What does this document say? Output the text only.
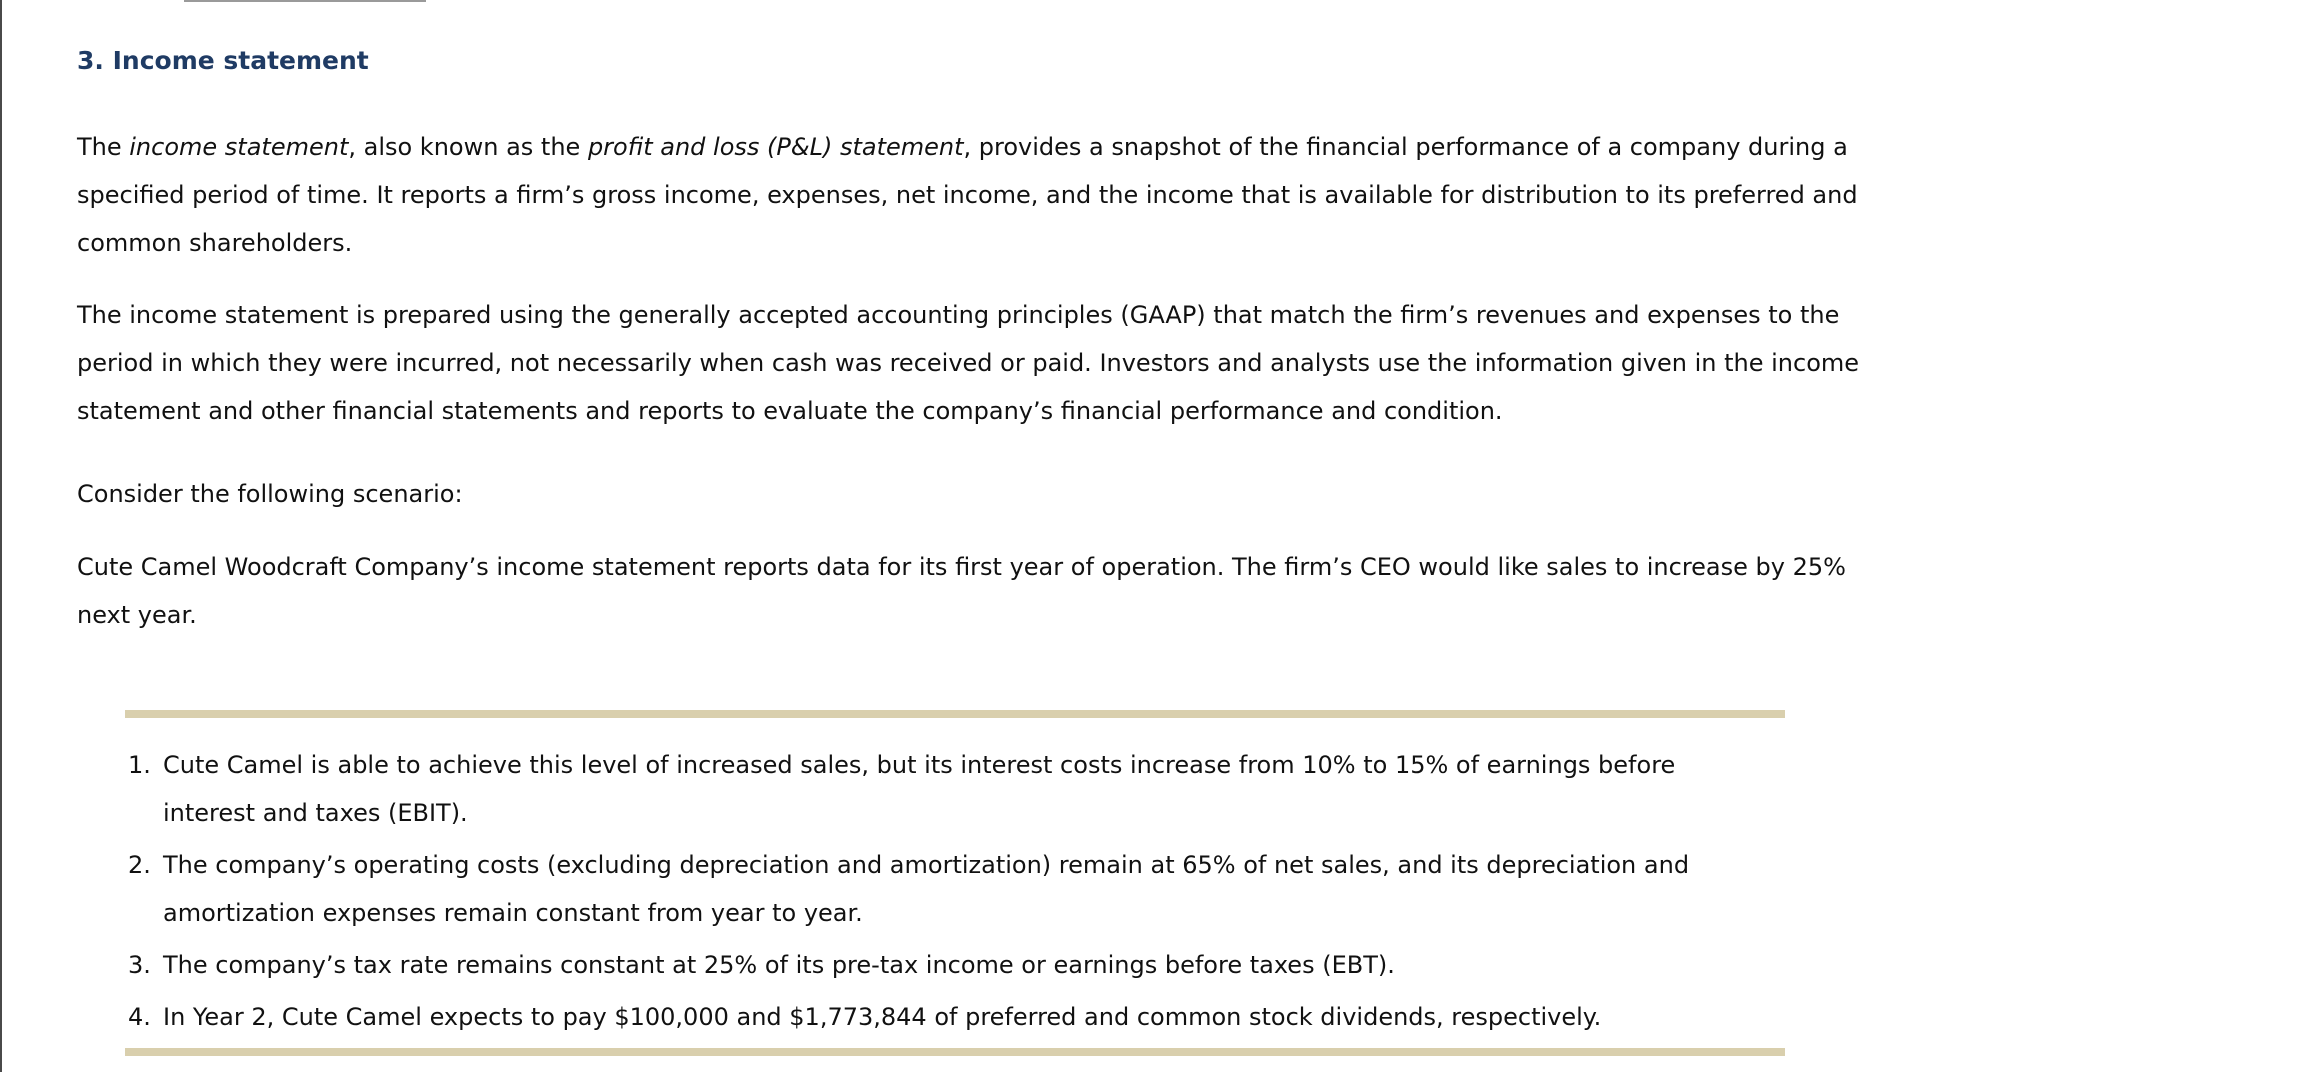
3. Income statement

The income statement, also known as the profit and loss (P&L) statement, provides a snapshot of the financial performance of a company during a specified period of time. It reports a firm’s gross income, expenses, net income, and the income that is available for distribution to its preferred and common shareholders.

The income statement is prepared using the generally accepted accounting principles (GAAP) that match the firm’s revenues and expenses to the period in which they were incurred, not necessarily when cash was received or paid. Investors and analysts use the information given in the income statement and other financial statements and reports to evaluate the company’s financial performance and condition.

Consider the following scenario:

Cute Camel Woodcraft Company’s income statement reports data for its first year of operation. The firm’s CEO would like sales to increase by 25% next year.

1. Cute Camel is able to achieve this level of increased sales, but its interest costs increase from 10% to 15% of earnings before interest and taxes (EBIT).
2. The company’s operating costs (excluding depreciation and amortization) remain at 65% of net sales, and its depreciation and amortization expenses remain constant from year to year.
3. The company’s tax rate remains constant at 25% of its pre-tax income or earnings before taxes (EBT).
4. In Year 2, Cute Camel expects to pay $100,000 and $1,773,844 of preferred and common stock dividends, respectively.
